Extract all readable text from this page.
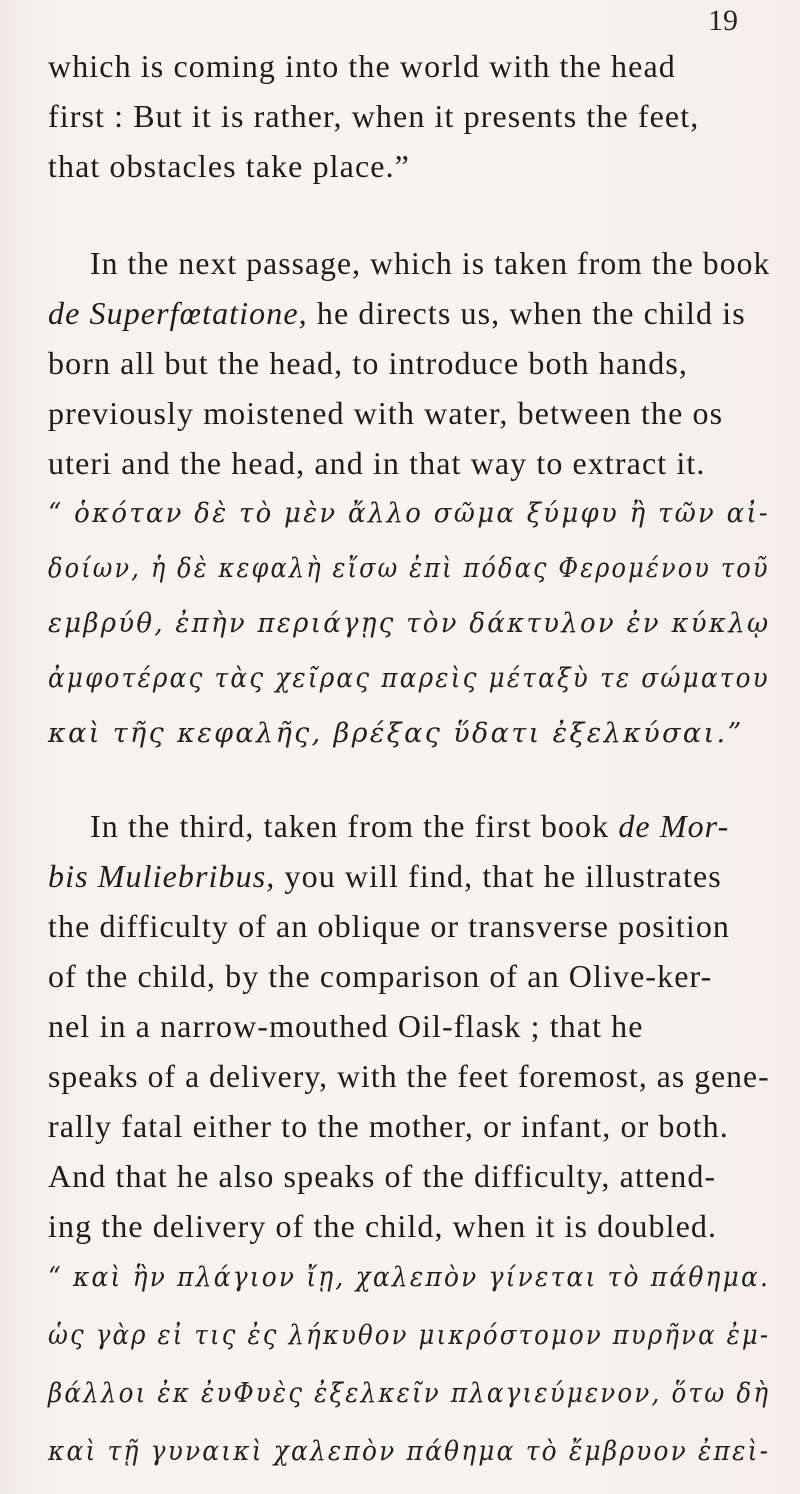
19
which is coming into the world with the head
first : But it is rather, when it presents the feet,
that obstacles take place.”
In the next passage, which is taken from the book
de Superfœtatione, he directs us, when the child is
born all but the head, to introduce both hands,
previously moistened with water, between the os
uteri and the head, and in that way to extract it.
“ ὁκόταν δὲ τὸ μὲν ἄλλο σῶμα ξύμφυ ἢ τῶν αἰ-
δοίων, ἡ δὲ κεφαλὴ εἴσω ἐπὶ πόδας Φερομένου τοῦ
εμβρύθ, ἐπὴν περιάγῃς τὸν δάκτυλον ἐν κύκλῳ
ἀμφοτέρας τὰς χεῖρας παρεὶς μέταξὺ τε σώματου
καὶ τῆς κεφαλῆς, βρέξας ὕδατι ἐξελκύσαι.”
In the third, taken from the first book de Mor-
bis Muliebribus, you will find, that he illustrates
the difficulty of an oblique or transverse position
of the child, by the comparison of an Olive-ker-
nel in a narrow-mouthed Oil-flask ; that he
speaks of a delivery, with the feet foremost, as gene-
rally fatal either to the mother, or infant, or both.
And that he also speaks of the difficulty, attend-
ing the delivery of the child, when it is doubled.
“ καὶ ἣν πλάγιον ἴῃ, χαλεπὸν γίνεται τὸ πάθημα.
ὡς γὰρ εἰ τις ἐς λήκυθον μικρόστομον πυρῆνα ἐμ-
βάλλοι ἐκ ἐυΦυὲς ἐξελκεῖν πλαγιεύμενον, ὅτω δὴ
καὶ τῇ γυναικὶ χαλεπὸν πάθημα τὸ ἔμβρυον ἐπεὶ-
